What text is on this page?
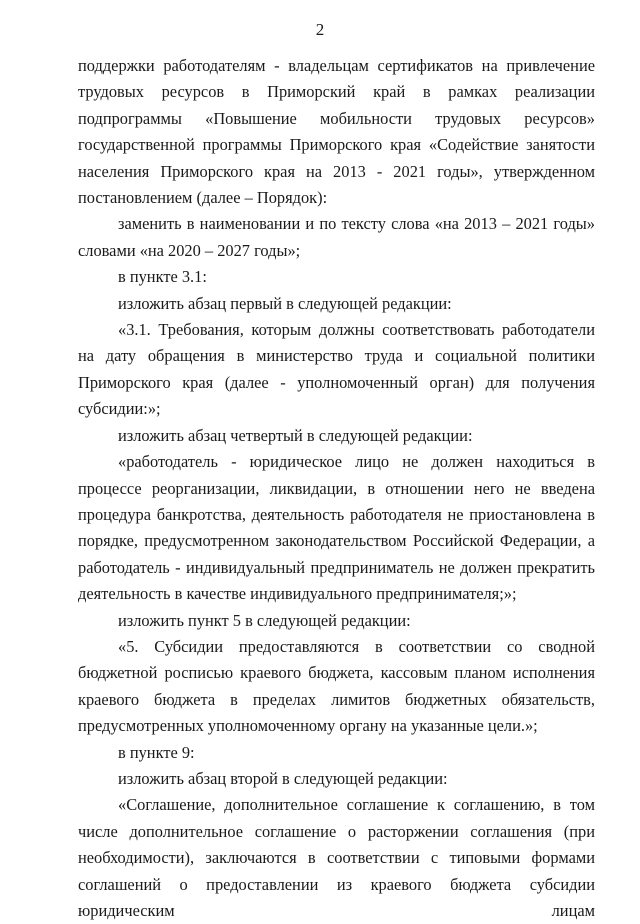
2

поддержки работодателям - владельцам сертификатов на привлечение трудовых ресурсов в Приморский край в рамках реализации подпрограммы «Повышение мобильности трудовых ресурсов» государственной программы Приморского края «Содействие занятости населения Приморского края на 2013 - 2021 годы», утвержденном постановлением (далее – Порядок):

заменить в наименовании и по тексту слова «на 2013 – 2021 годы» словами «на 2020 – 2027 годы»;

в пункте 3.1:

изложить абзац первый в следующей редакции:

«3.1. Требования, которым должны соответствовать работодатели на дату обращения в министерство труда и социальной политики Приморского края (далее - уполномоченный орган) для получения субсидии:»;

изложить абзац четвертый в следующей редакции:

«работодатель - юридическое лицо не должен находиться в процессе реорганизации, ликвидации, в отношении него не введена процедура банкротства, деятельность работодателя не приостановлена в порядке, предусмотренном законодательством Российской Федерации, а работодатель - индивидуальный предприниматель не должен прекратить деятельность в качестве индивидуального предпринимателя;»;

изложить пункт 5 в следующей редакции:

«5. Субсидии предоставляются в соответствии со сводной бюджетной росписью краевого бюджета, кассовым планом исполнения краевого бюджета в пределах лимитов бюджетных обязательств, предусмотренных уполномоченному органу на указанные цели.»;

в пункте 9:

изложить абзац второй в следующей редакции:

«Соглашение, дополнительное соглашение к соглашению, в том числе дополнительное соглашение о расторжении соглашения (при необходимости), заключаются в соответствии с типовыми формами соглашений о предоставлении из краевого бюджета субсидии юридическим лицам
